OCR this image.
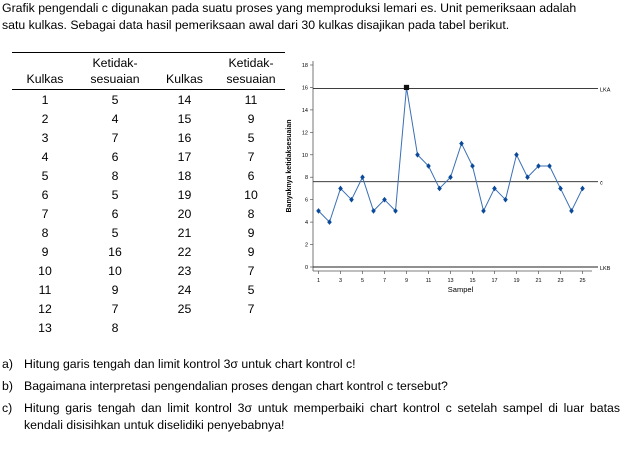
Grafik pengendali c digunakan pada suatu proses yang memproduksi lemari es. Unit pemeriksaan adalah
satu kulkas. Sebagai data hasil pemeriksaan awal dari 30 kulkas disajikan pada tabel berikut.
	Ketidak-		Ketidak-
Kulkas	sesuaian	Kulkas	sesuaian
1	5	14	11
2	4	15	9
3	7	16	5
4	6	17	7
5	8	18	6
6	5	19	10
7	6	20	8
8	5	21	9
9	16	22	9
10	10	23	7
11	9	24	5
12	7	25	7
13	8		
0
2
4
6
8
10
12
14
16
18
1	3	5	7	9	11	13	15	17	19	21	23	25
LKA
c̄
LKB
Sampel
Banyaknya ketidaksesuaian
a) Hitung garis tengah dan limit kontrol 3σ untuk chart kontrol c!
b) Bagaimana interpretasi pengendalian proses dengan chart kontrol c tersebut?
c) Hitung garis tengah dan limit kontrol 3σ untuk memperbaiki chart kontrol c setelah sampel di luar batas kendali disisihkan untuk diselidiki penyebabnya!
